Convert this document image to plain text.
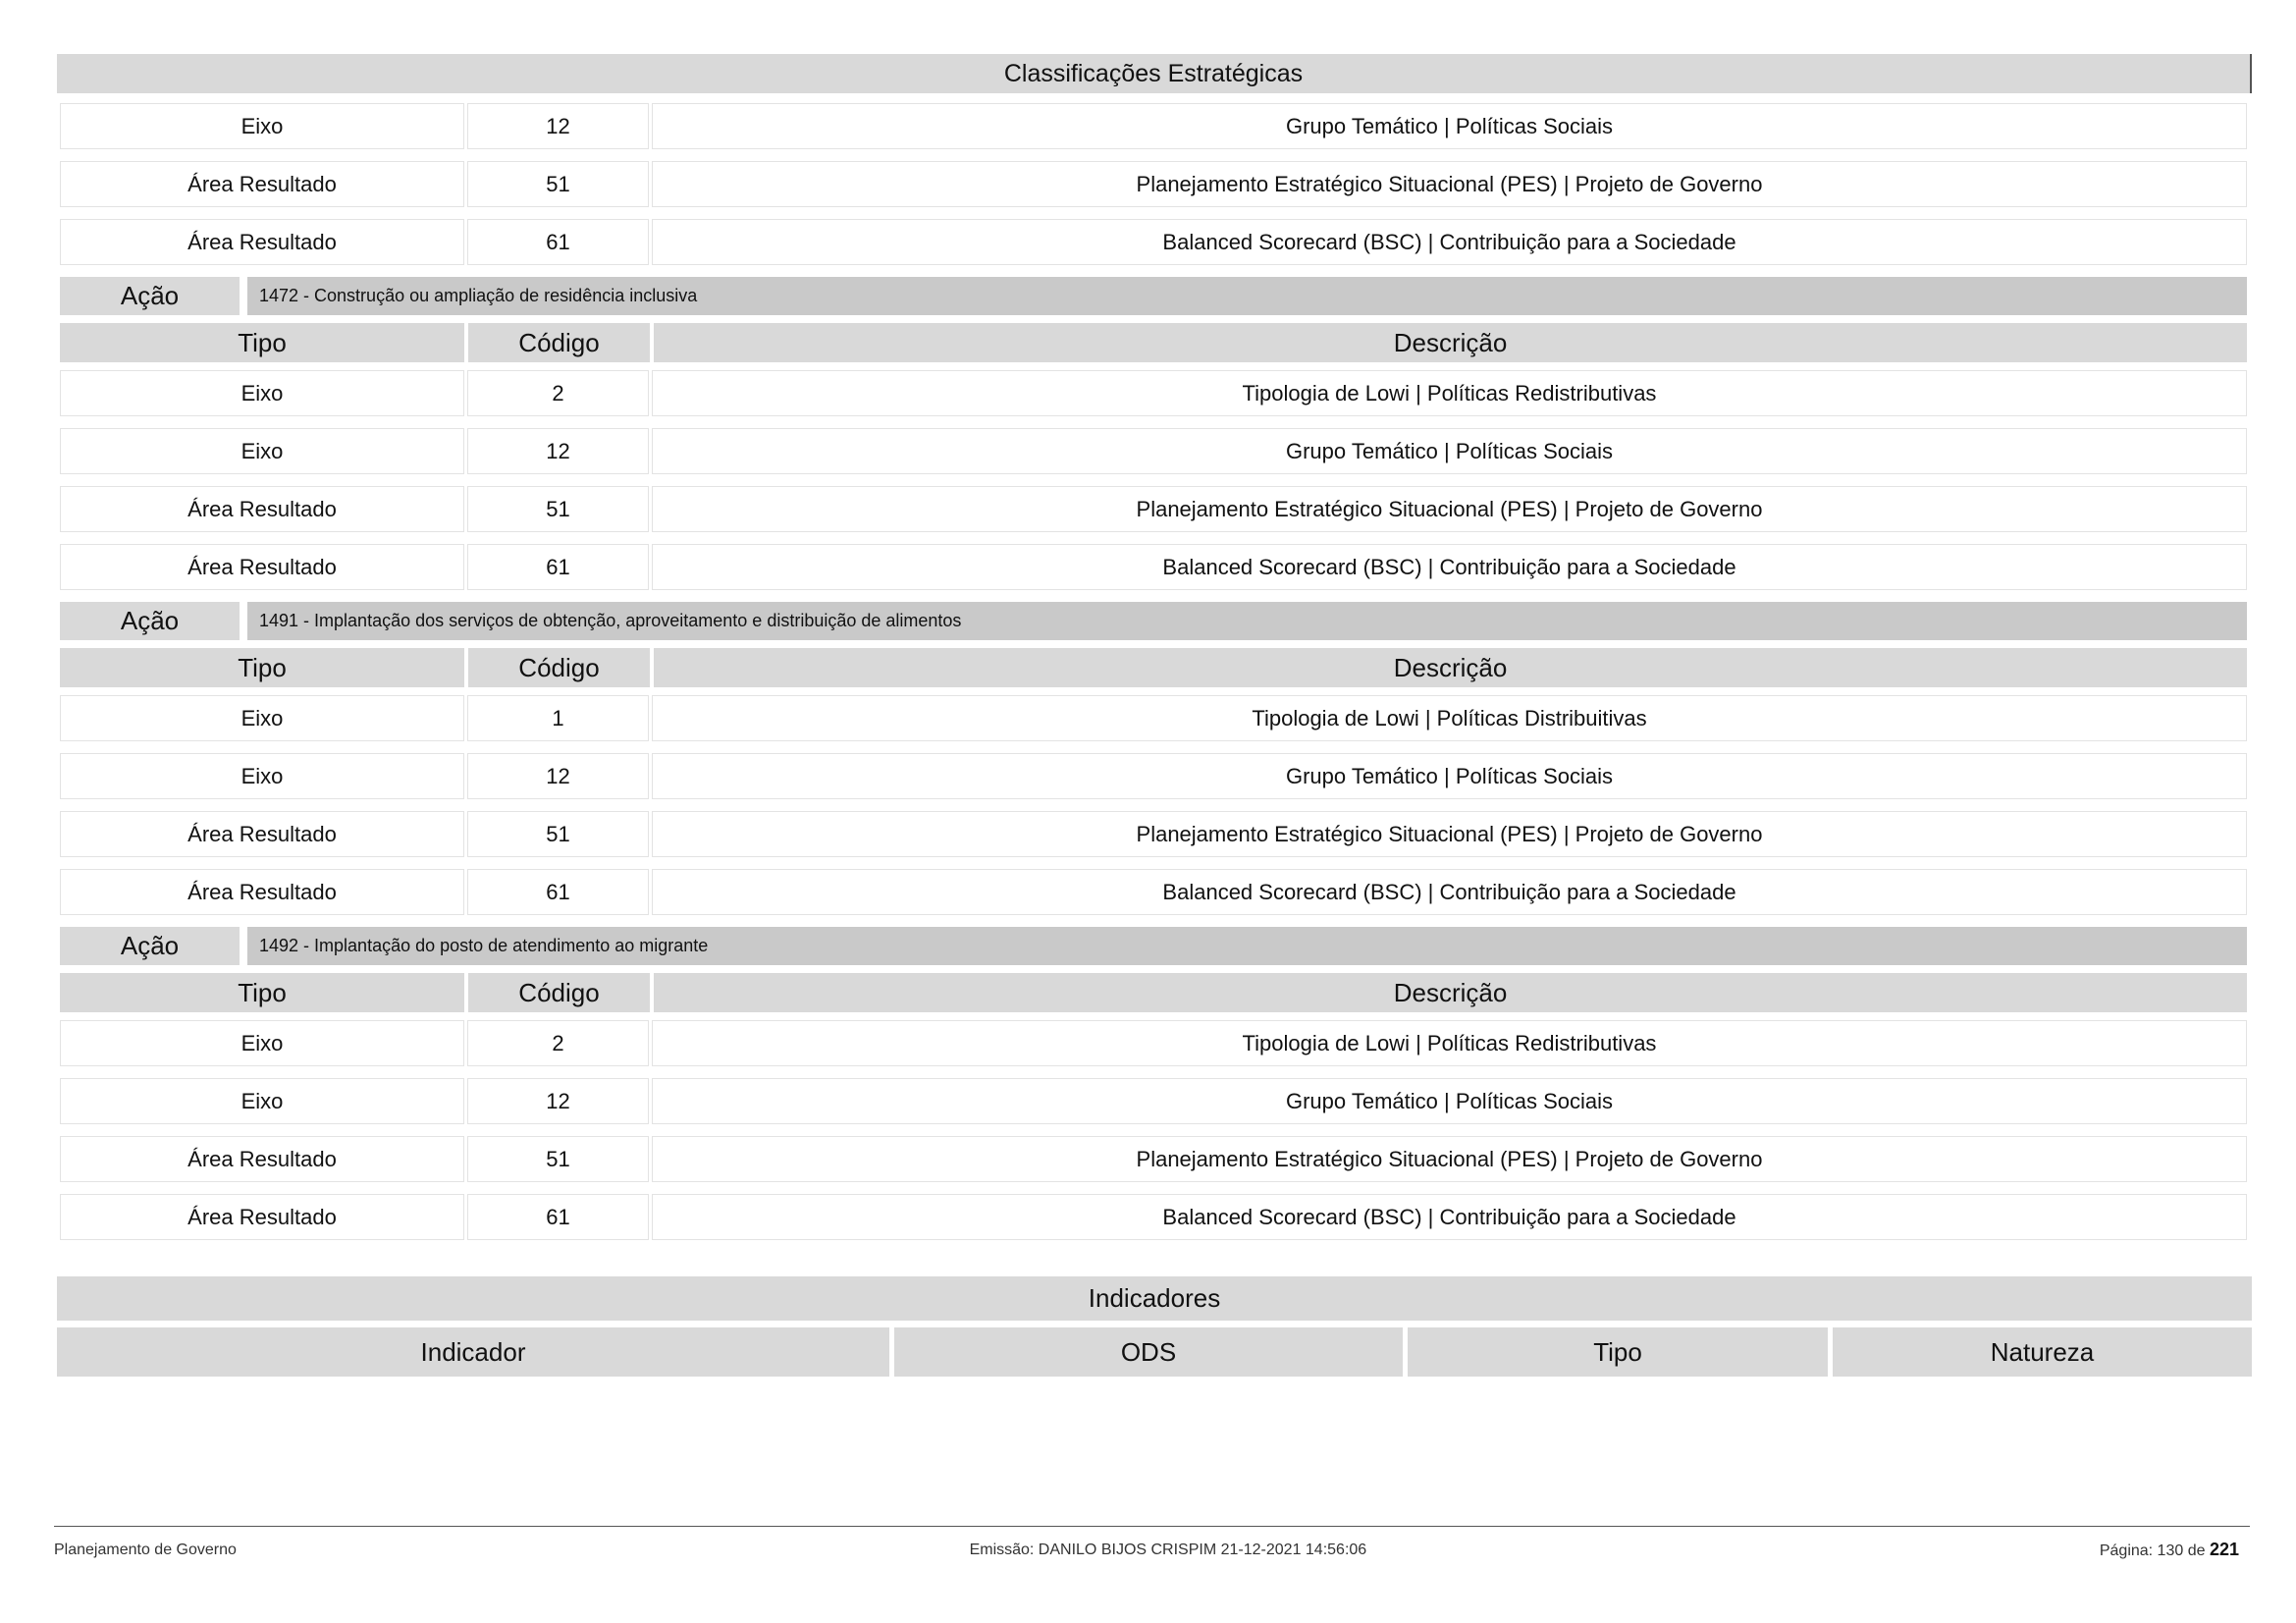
Classificações Estratégicas
Eixo	12	Grupo Temático | Políticas Sociais
Área Resultado	51	Planejamento Estratégico Situacional (PES) | Projeto de Governo
Área Resultado	61	Balanced Scorecard (BSC) | Contribuição para a Sociedade
Ação	1472 - Construção ou ampliação de residência inclusiva
Tipo	Código	Descrição
Eixo	2	Tipologia de Lowi | Políticas Redistributivas
Eixo	12	Grupo Temático | Políticas Sociais
Área Resultado	51	Planejamento Estratégico Situacional (PES) | Projeto de Governo
Área Resultado	61	Balanced Scorecard (BSC) | Contribuição para a Sociedade
Ação	1491 - Implantação dos serviços de obtenção, aproveitamento e distribuição de alimentos
Tipo	Código	Descrição
Eixo	1	Tipologia de Lowi | Políticas Distribuitivas
Eixo	12	Grupo Temático | Políticas Sociais
Área Resultado	51	Planejamento Estratégico Situacional (PES) | Projeto de Governo
Área Resultado	61	Balanced Scorecard (BSC) | Contribuição para a Sociedade
Ação	1492 - Implantação do posto de atendimento ao migrante
Tipo	Código	Descrição
Eixo	2	Tipologia de Lowi | Políticas Redistributivas
Eixo	12	Grupo Temático | Políticas Sociais
Área Resultado	51	Planejamento Estratégico Situacional (PES) | Projeto de Governo
Área Resultado	61	Balanced Scorecard (BSC) | Contribuição para a Sociedade
Indicadores
Indicador	ODS	Tipo	Natureza
Planejamento de Governo	Emissão: DANILO BIJOS CRISPIM 21-12-2021 14:56:06	Página: 130 de 221
